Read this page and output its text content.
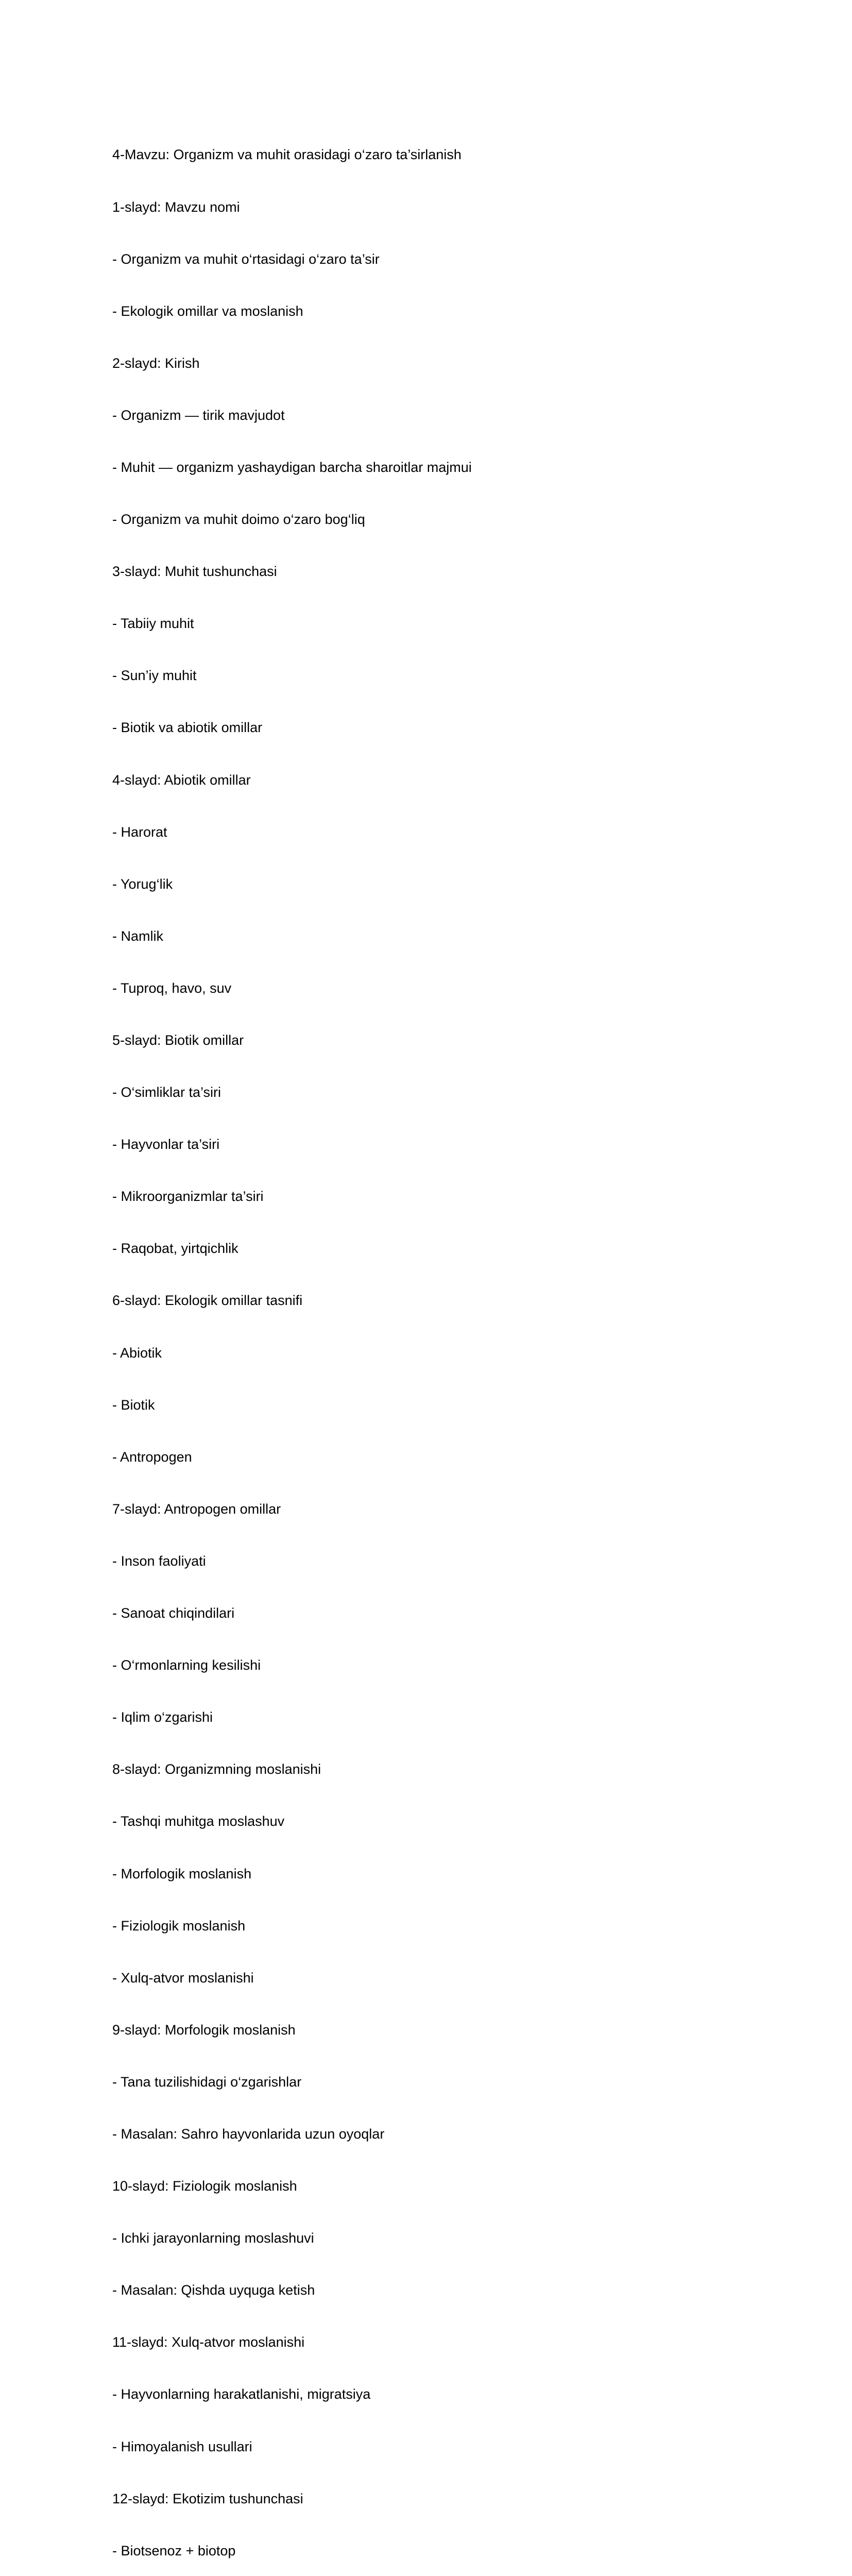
4-Mavzu: Organizm va muhit orasidagi o‘zaro ta’sirlanish

1-slayd: Mavzu nomi

- Organizm va muhit o‘rtasidagi o‘zaro ta’sir

- Ekologik omillar va moslanish

2-slayd: Kirish

- Organizm — tirik mavjudot

- Muhit — organizm yashaydigan barcha sharoitlar majmui

- Organizm va muhit doimo o‘zaro bog‘liq

3-slayd: Muhit tushunchasi

- Tabiiy muhit

- Sun’iy muhit

- Biotik va abiotik omillar

4-slayd: Abiotik omillar

- Harorat

- Yorug‘lik

- Namlik

- Tuproq, havo, suv

5-slayd: Biotik omillar

- O‘simliklar ta’siri

- Hayvonlar ta’siri

- Mikroorganizmlar ta’siri

- Raqobat, yirtqichlik

6-slayd: Ekologik omillar tasnifi

- Abiotik

- Biotik

- Antropogen

7-slayd: Antropogen omillar

- Inson faoliyati

- Sanoat chiqindilari

- O‘rmonlarning kesilishi

- Iqlim o‘zgarishi

8-slayd: Organizmning moslanishi

- Tashqi muhitga moslashuv

- Morfologik moslanish

- Fiziologik moslanish

- Xulq-atvor moslanishi

9-slayd: Morfologik moslanish

- Tana tuzilishidagi o‘zgarishlar

- Masalan: Sahro hayvonlarida uzun oyoqlar

10-slayd: Fiziologik moslanish

- Ichki jarayonlarning moslashuvi

- Masalan: Qishda uyquga ketish

11-slayd: Xulq-atvor moslanishi

- Hayvonlarning harakatlanishi, migratsiya

- Himoyalanish usullari

12-slayd: Ekotizim tushunchasi

- Biotsenoz + biotop
